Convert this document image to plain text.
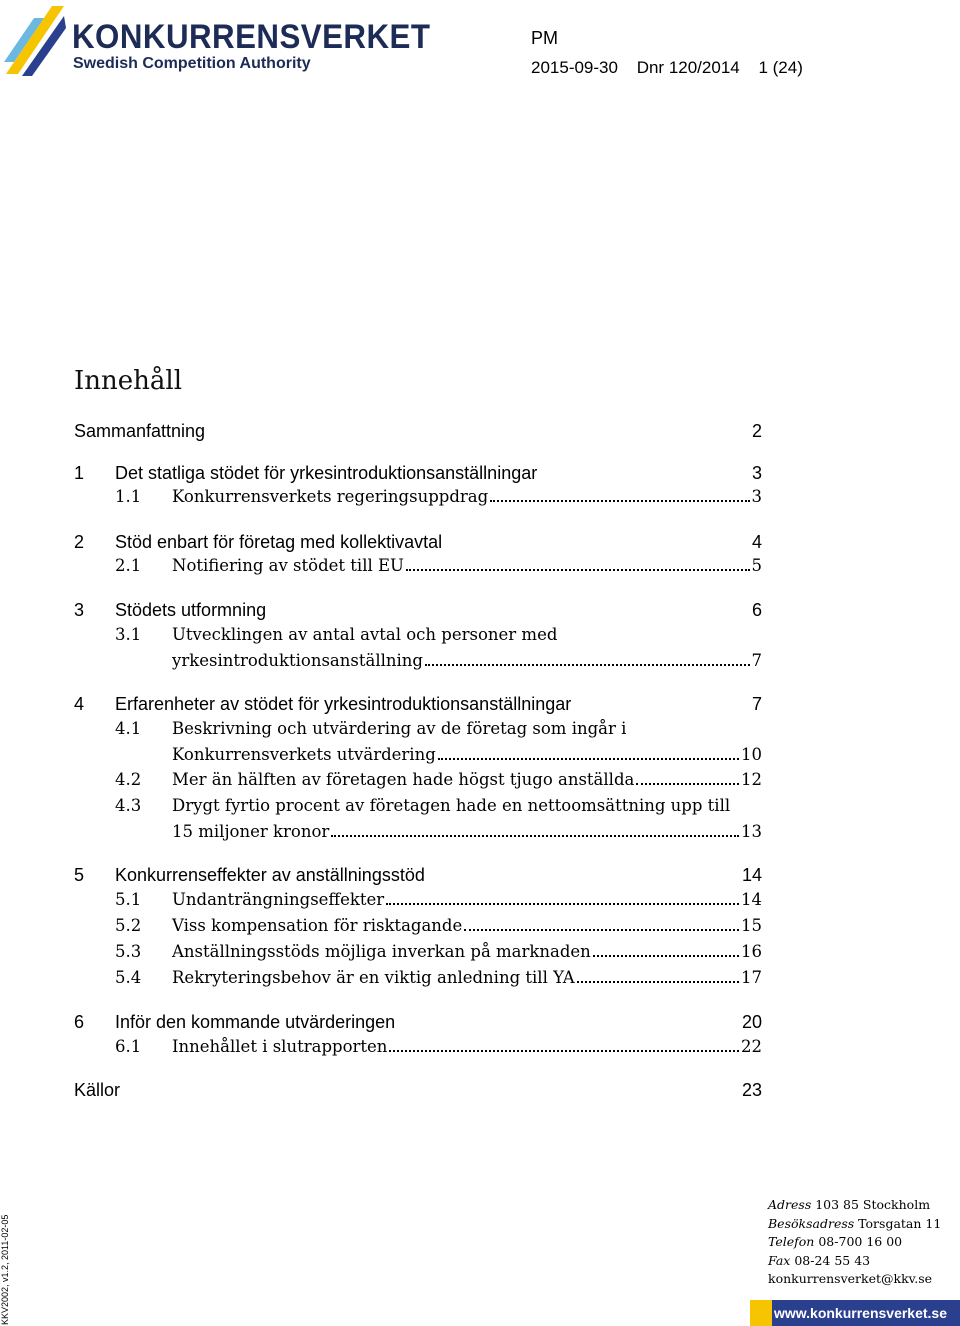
KONKURRENSVERKET
Swedish Competition Authority
PM
2015-09-30 Dnr 120/2014 1 (24)
Innehåll
Sammanfattning	2
1	Det statliga stödet för yrkesintroduktionsanställningar	3
1.1	Konkurrensverkets regeringsuppdrag	3
2	Stöd enbart för företag med kollektivavtal	4
2.1	Notifiering av stödet till EU	5
3	Stödets utformning	6
3.1	Utvecklingen av antal avtal och personer med
yrkesintroduktionsanställning	7
4	Erfarenheter av stödet för yrkesintroduktionsanställningar	7
4.1	Beskrivning och utvärdering av de företag som ingår i
Konkurrensverkets utvärdering	10
4.2	Mer än hälften av företagen hade högst tjugo anställda	12
4.3	Drygt fyrtio procent av företagen hade en nettoomsättning upp till
15 miljoner kronor	13
5	Konkurrenseffekter av anställningsstöd	14
5.1	Undanträngningseffekter	14
5.2	Viss kompensation för risktagande	15
5.3	Anställningsstöds möjliga inverkan på marknaden	16
5.4	Rekryteringsbehov är en viktig anledning till YA	17
6	Inför den kommande utvärderingen	20
6.1	Innehållet i slutrapporten	22
Källor	23
KKV2002, v1.2, 2011-02-05
Adress 103 85 Stockholm
Besöksadress Torsgatan 11
Telefon 08-700 16 00
Fax 08-24 55 43
konkurrensverket@kkv.se
www.konkurrensverket.se
